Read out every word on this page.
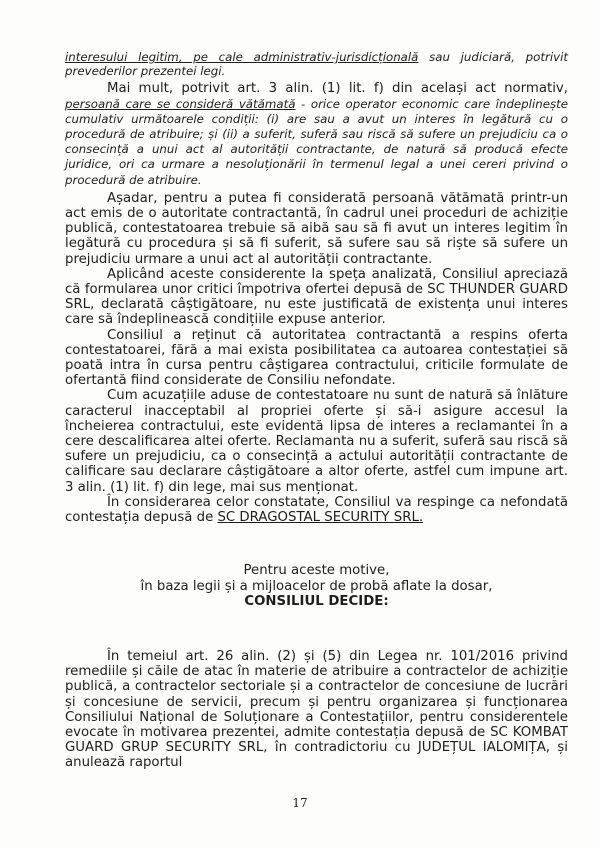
interesului legitim, pe cale administrativ-jurisdicțională sau judiciară, potrivit prevederilor prezentei legi.

Mai mult, potrivit art. 3 alin. (1) lit. f) din același act normativ, persoană care se consideră vătămată - orice operator economic care îndeplinește cumulativ următoarele condiții: (i) are sau a avut un interes în legătură cu o procedură de atribuire; și (ii) a suferit, suferă sau riscă să sufere un prejudiciu ca o consecință a unui act al autorității contractante, de natură să producă efecte juridice, ori ca urmare a nesoluționării în termenul legal a unei cereri privind o procedură de atribuire.

Așadar, pentru a putea fi considerată persoană vătămată printr-un act emis de o autoritate contractantă, în cadrul unei proceduri de achiziție publică, contestatoarea trebuie să aibă sau să fi avut un interes legitim în legătură cu procedura și să fi suferit, să sufere sau să riște să sufere un prejudiciu urmare a unui act al autorității contractante.

Aplicând aceste considerente la speța analizată, Consiliul apreciază că formularea unor critici împotriva ofertei depusă de SC THUNDER GUARD SRL, declarată câștigătoare, nu este justificată de existența unui interes care să îndeplinească condițiile expuse anterior.

Consiliul a reținut că autoritatea contractantă a respins oferta contestatoarei, fără a mai exista posibilitatea ca autoarea contestației să poată intra în cursa pentru câștigarea contractului, criticile formulate de ofertantă fiind considerate de Consiliu nefondate.

Cum acuzațiile aduse de contestatoare nu sunt de natură să înlăture caracterul inacceptabil al propriei oferte și să-i asigure accesul la încheierea contractului, este evidentă lipsa de interes a reclamantei în a cere descalificarea altei oferte. Reclamanta nu a suferit, suferă sau riscă să sufere un prejudiciu, ca o consecință a actului autorității contractante de calificare sau declarare câștigătoare a altor oferte, astfel cum impune art. 3 alin. (1) lit. f) din lege, mai sus menționat.

În considerarea celor constatate, Consiliul va respinge ca nefondată contestația depusă de SC DRAGOSTAL SECURITY SRL.

Pentru aceste motive,

în baza legii și a mijloacelor de probă aflate la dosar,

CONSILIUL DECIDE:

În temeiul art. 26 alin. (2) și (5) din Legea nr. 101/2016 privind remediile și căile de atac în materie de atribuire a contractelor de achiziție publică, a contractelor sectoriale și a contractelor de concesiune de lucrări și concesiune de servicii, precum și pentru organizarea și funcționarea Consiliului Național de Soluționare a Contestațiilor, pentru considerentele evocate în motivarea prezentei, admite contestația depusă de SC KOMBAT GUARD GRUP SECURITY SRL, în contradictoriu cu JUDEȚUL IALOMIȚA, și anulează raportul

17
